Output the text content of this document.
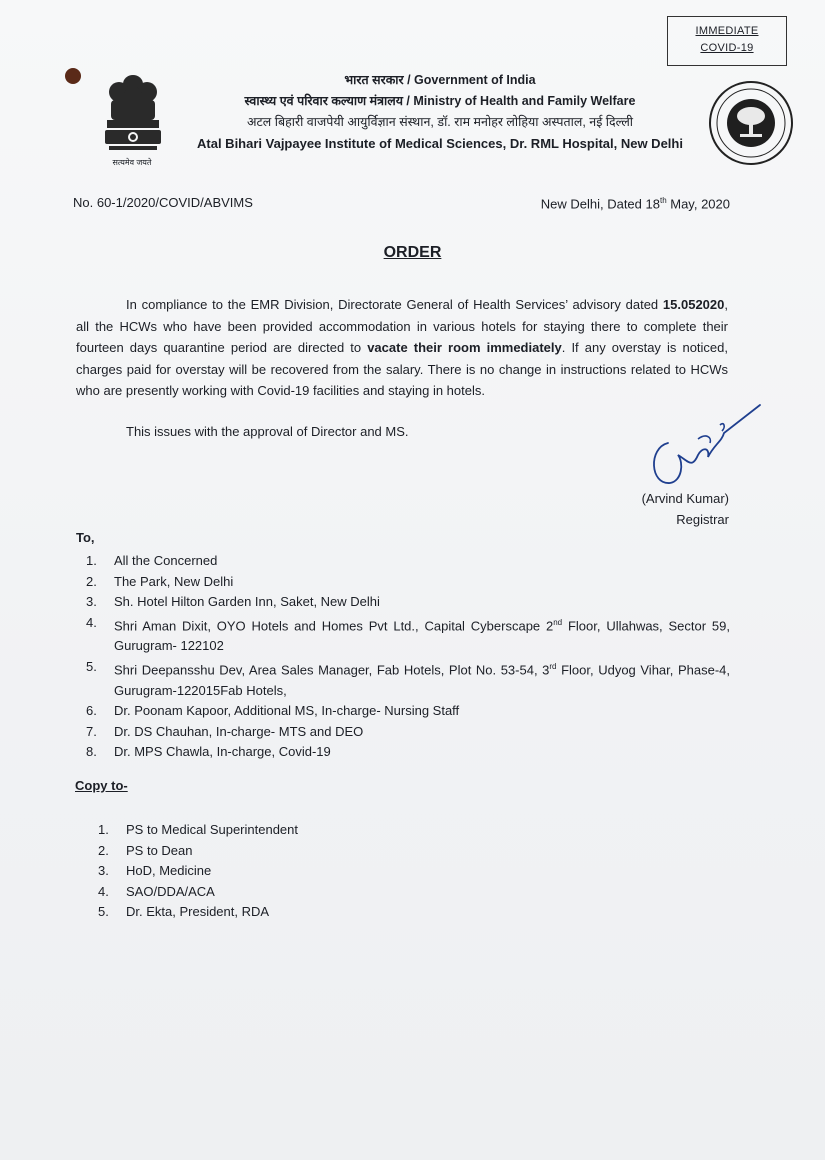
IMMEDIATE
COVID-19
सत्यमेव जयते
भारत सरकार / Government of India
स्वास्थ्य एवं परिवार कल्याण मंत्रालय / Ministry of Health and Family Welfare
अटल बिहारी वाजपेयी आयुर्विज्ञान संस्थान, डॉ. राम मनोहर लोहिया अस्पताल, नई दिल्ली
Atal Bihari Vajpayee Institute of Medical Sciences, Dr. RML Hospital, New Delhi
No. 60-1/2020/COVID/ABVIMS	New Delhi, Dated 18th May, 2020
ORDER
In compliance to the EMR Division, Directorate General of Health Services’ advisory dated 15.052020, all the HCWs who have been provided accommodation in various hotels for staying there to complete their fourteen days quarantine period are directed to vacate their room immediately. If any overstay is noticed, charges paid for overstay will be recovered from the salary. There is no change in instructions related to HCWs who are presently working with Covid-19 facilities and staying in hotels.
This issues with the approval of Director and MS.
(Arvind Kumar)
Registrar
To,
1.	All the Concerned
2.	The Park, New Delhi
3.	Sh. Hotel Hilton Garden Inn, Saket, New Delhi
4.	Shri Aman Dixit, OYO Hotels and Homes Pvt Ltd., Capital Cyberscape 2nd Floor, Ullahwas, Sector 59, Gurugram- 122102
5.	Shri Deepansshu Dev, Area Sales Manager, Fab Hotels, Plot No. 53-54, 3rd Floor, Udyog Vihar, Phase-4, Gurugram-122015Fab Hotels,
6.	Dr. Poonam Kapoor, Additional MS, In-charge- Nursing Staff
7.	Dr. DS Chauhan, In-charge- MTS and DEO
8.	Dr. MPS Chawla, In-charge, Covid-19
Copy to-
1.	PS to Medical Superintendent
2.	PS to Dean
3.	HoD, Medicine
4.	SAO/DDA/ACA
5.	Dr. Ekta, President, RDA
